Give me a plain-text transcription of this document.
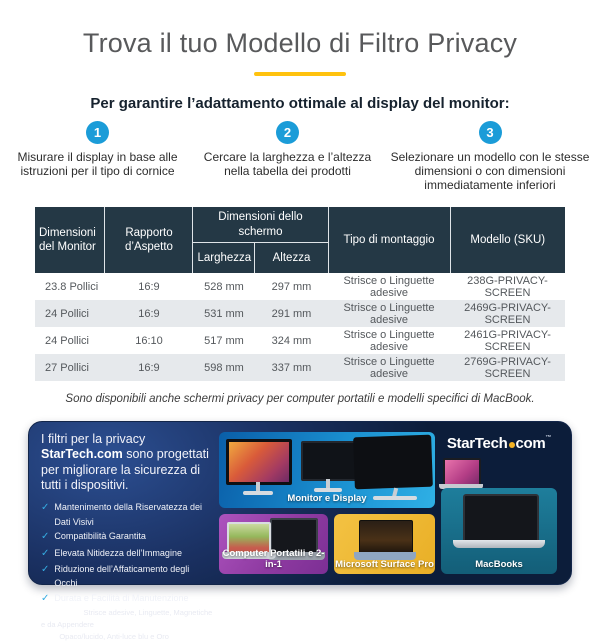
Trova il tuo Modello di Filtro Privacy
Per garantire l’adattamento ottimale al display del monitor:
1
Misurare il display in base alle istruzioni per il tipo di cornice
2
Cercare la larghezza e l’altezza nella tabella dei prodotti
3
Selezionare un modello con le stesse dimensioni o con dimensioni immediatamente inferiori
Dimensioni del Monitor	Rapporto d’Aspetto	Dimensioni dello schermo		Tipo di montaggio	Modello (SKU)
		Larghezza	Altezza		
23.8 Pollici	16:9	528 mm	297 mm	Strisce o Linguette adesive	238G-PRIVACY-SCREEN
24 Pollici	16:9	531 mm	291 mm	Strisce o Linguette adesive	2469G-PRIVACY-SCREEN
24 Pollici	16:10	517 mm	324 mm	Strisce o Linguette adesive	2461G-PRIVACY-SCREEN
27 Pollici	16:9	598 mm	337 mm	Strisce o Linguette adesive	2769G-PRIVACY-SCREEN
Sono disponibili anche schermi privacy per computer portatili e modelli specifici di MacBook.
I filtri per la privacy StarTech.com sono progettati per migliorare la sicurezza di tutti i dispositivi.
✓ Mantenimento della Riservatezza dei Dati Visivi
✓ Compatibilità Garantita
✓ Elevata Nitidezza dell’Immagine
✓ Riduzione dell’Affaticamento degli Occhi
✓ Durata e Facilità di Manutenzione
Montaggio: Strisce adesive, Linguette, Magnetiche e da Appendere
Stili: Opaco/lucido, Anti-luce blu e Oro
Monitor e Display
Computer Portatili e 2-in-1	Microsoft Surface Pro
StarTech com™
MacBooks
